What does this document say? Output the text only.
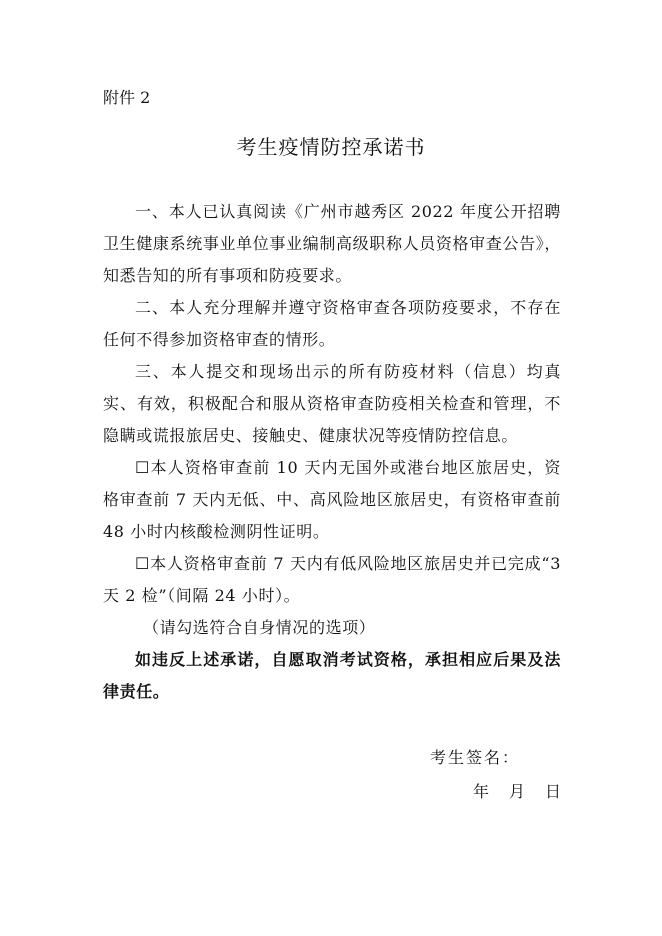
附件 2
考生疫情防控承诺书

一、本人已认真阅读《广州市越秀区 2022 年度公开招聘卫生健康系统事业单位事业编制高级职称人员资格审查公告》，知悉告知的所有事项和防疫要求。

二、本人充分理解并遵守资格审查各项防疫要求，不存在任何不得参加资格审查的情形。

三、本人提交和现场出示的所有防疫材料（信息）均真实、有效，积极配合和服从资格审查防疫相关检查和管理，不隐瞒或谎报旅居史、接触史、健康状况等疫情防控信息。

☐本人资格审查前 10 天内无国外或港台地区旅居史，资格审查前 7 天内无低、中、高风险地区旅居史，有资格审查前 48 小时内核酸检测阴性证明。

☐本人资格审查前 7 天内有低风险地区旅居史并已完成“3 天 2 检”（间隔 24 小时）。

（请勾选符合自身情况的选项）

如违反上述承诺，自愿取消考试资格，承担相应后果及法律责任。

考生签名：
年 月 日
